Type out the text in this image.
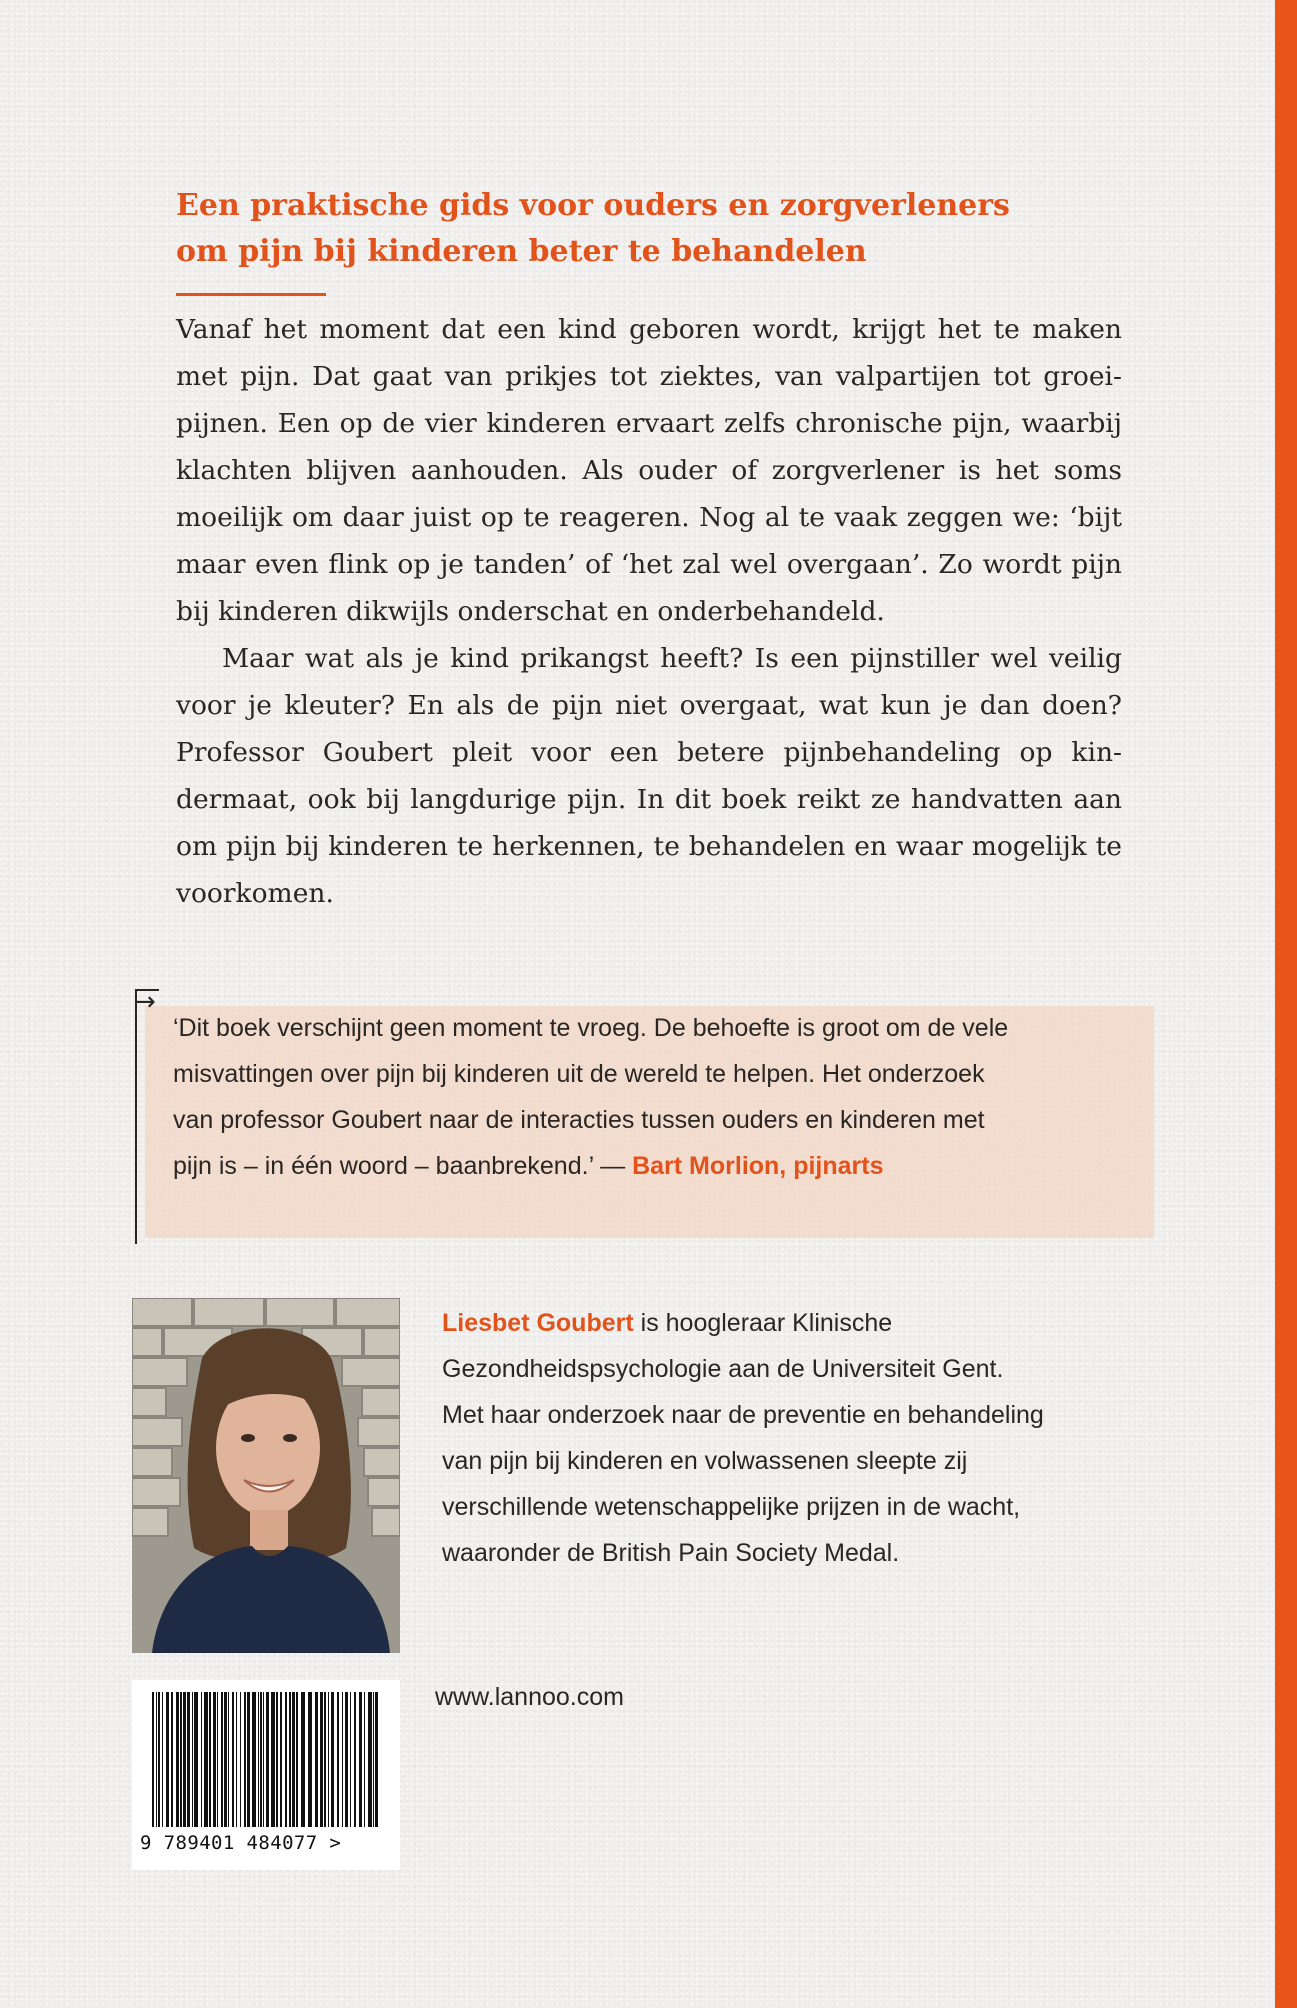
Een praktische gids voor ouders en zorgverleners
om pijn bij kinderen beter te behandelen

Vanaf het moment dat een kind geboren wordt, krijgt het te maken met pijn. Dat gaat van prikjes tot ziektes, van valpartijen tot groeipijnen. Een op de vier kinderen ervaart zelfs chronische pijn, waarbij klachten blijven aanhouden. Als ouder of zorgverlener is het soms moeilijk om daar juist op te reageren. Nog al te vaak zeggen we: ‘bijt maar even flink op je tanden’ of ‘het zal wel overgaan’. Zo wordt pijn bij kinderen dikwijls onderschat en onderbehandeld.

Maar wat als je kind prikangst heeft? Is een pijnstiller wel veilig voor je kleuter? En als de pijn niet overgaat, wat kun je dan doen? Professor Goubert pleit voor een betere pijnbehandeling op kindermaat, ook bij langdurige pijn. In dit boek reikt ze handvatten aan om pijn bij kinderen te herkennen, te behandelen en waar mogelijk te voorkomen.

→
‘Dit boek verschijnt geen moment te vroeg. De behoefte is groot om de vele
misvattingen over pijn bij kinderen uit de wereld te helpen. Het onderzoek
van professor Goubert naar de interacties tussen ouders en kinderen met
pijn is – in één woord – baanbrekend.’ — Bart Morlion, pijnarts
Liesbet Goubert is hoogleraar Klinische
Gezondheidspsychologie aan de Universiteit Gent.
Met haar onderzoek naar de preventie en behandeling
van pijn bij kinderen en volwassenen sleepte zij
verschillende wetenschappelijke prijzen in de wacht,
waaronder de British Pain Society Medal.
www.lannoo.com
9 789401 484077 >
